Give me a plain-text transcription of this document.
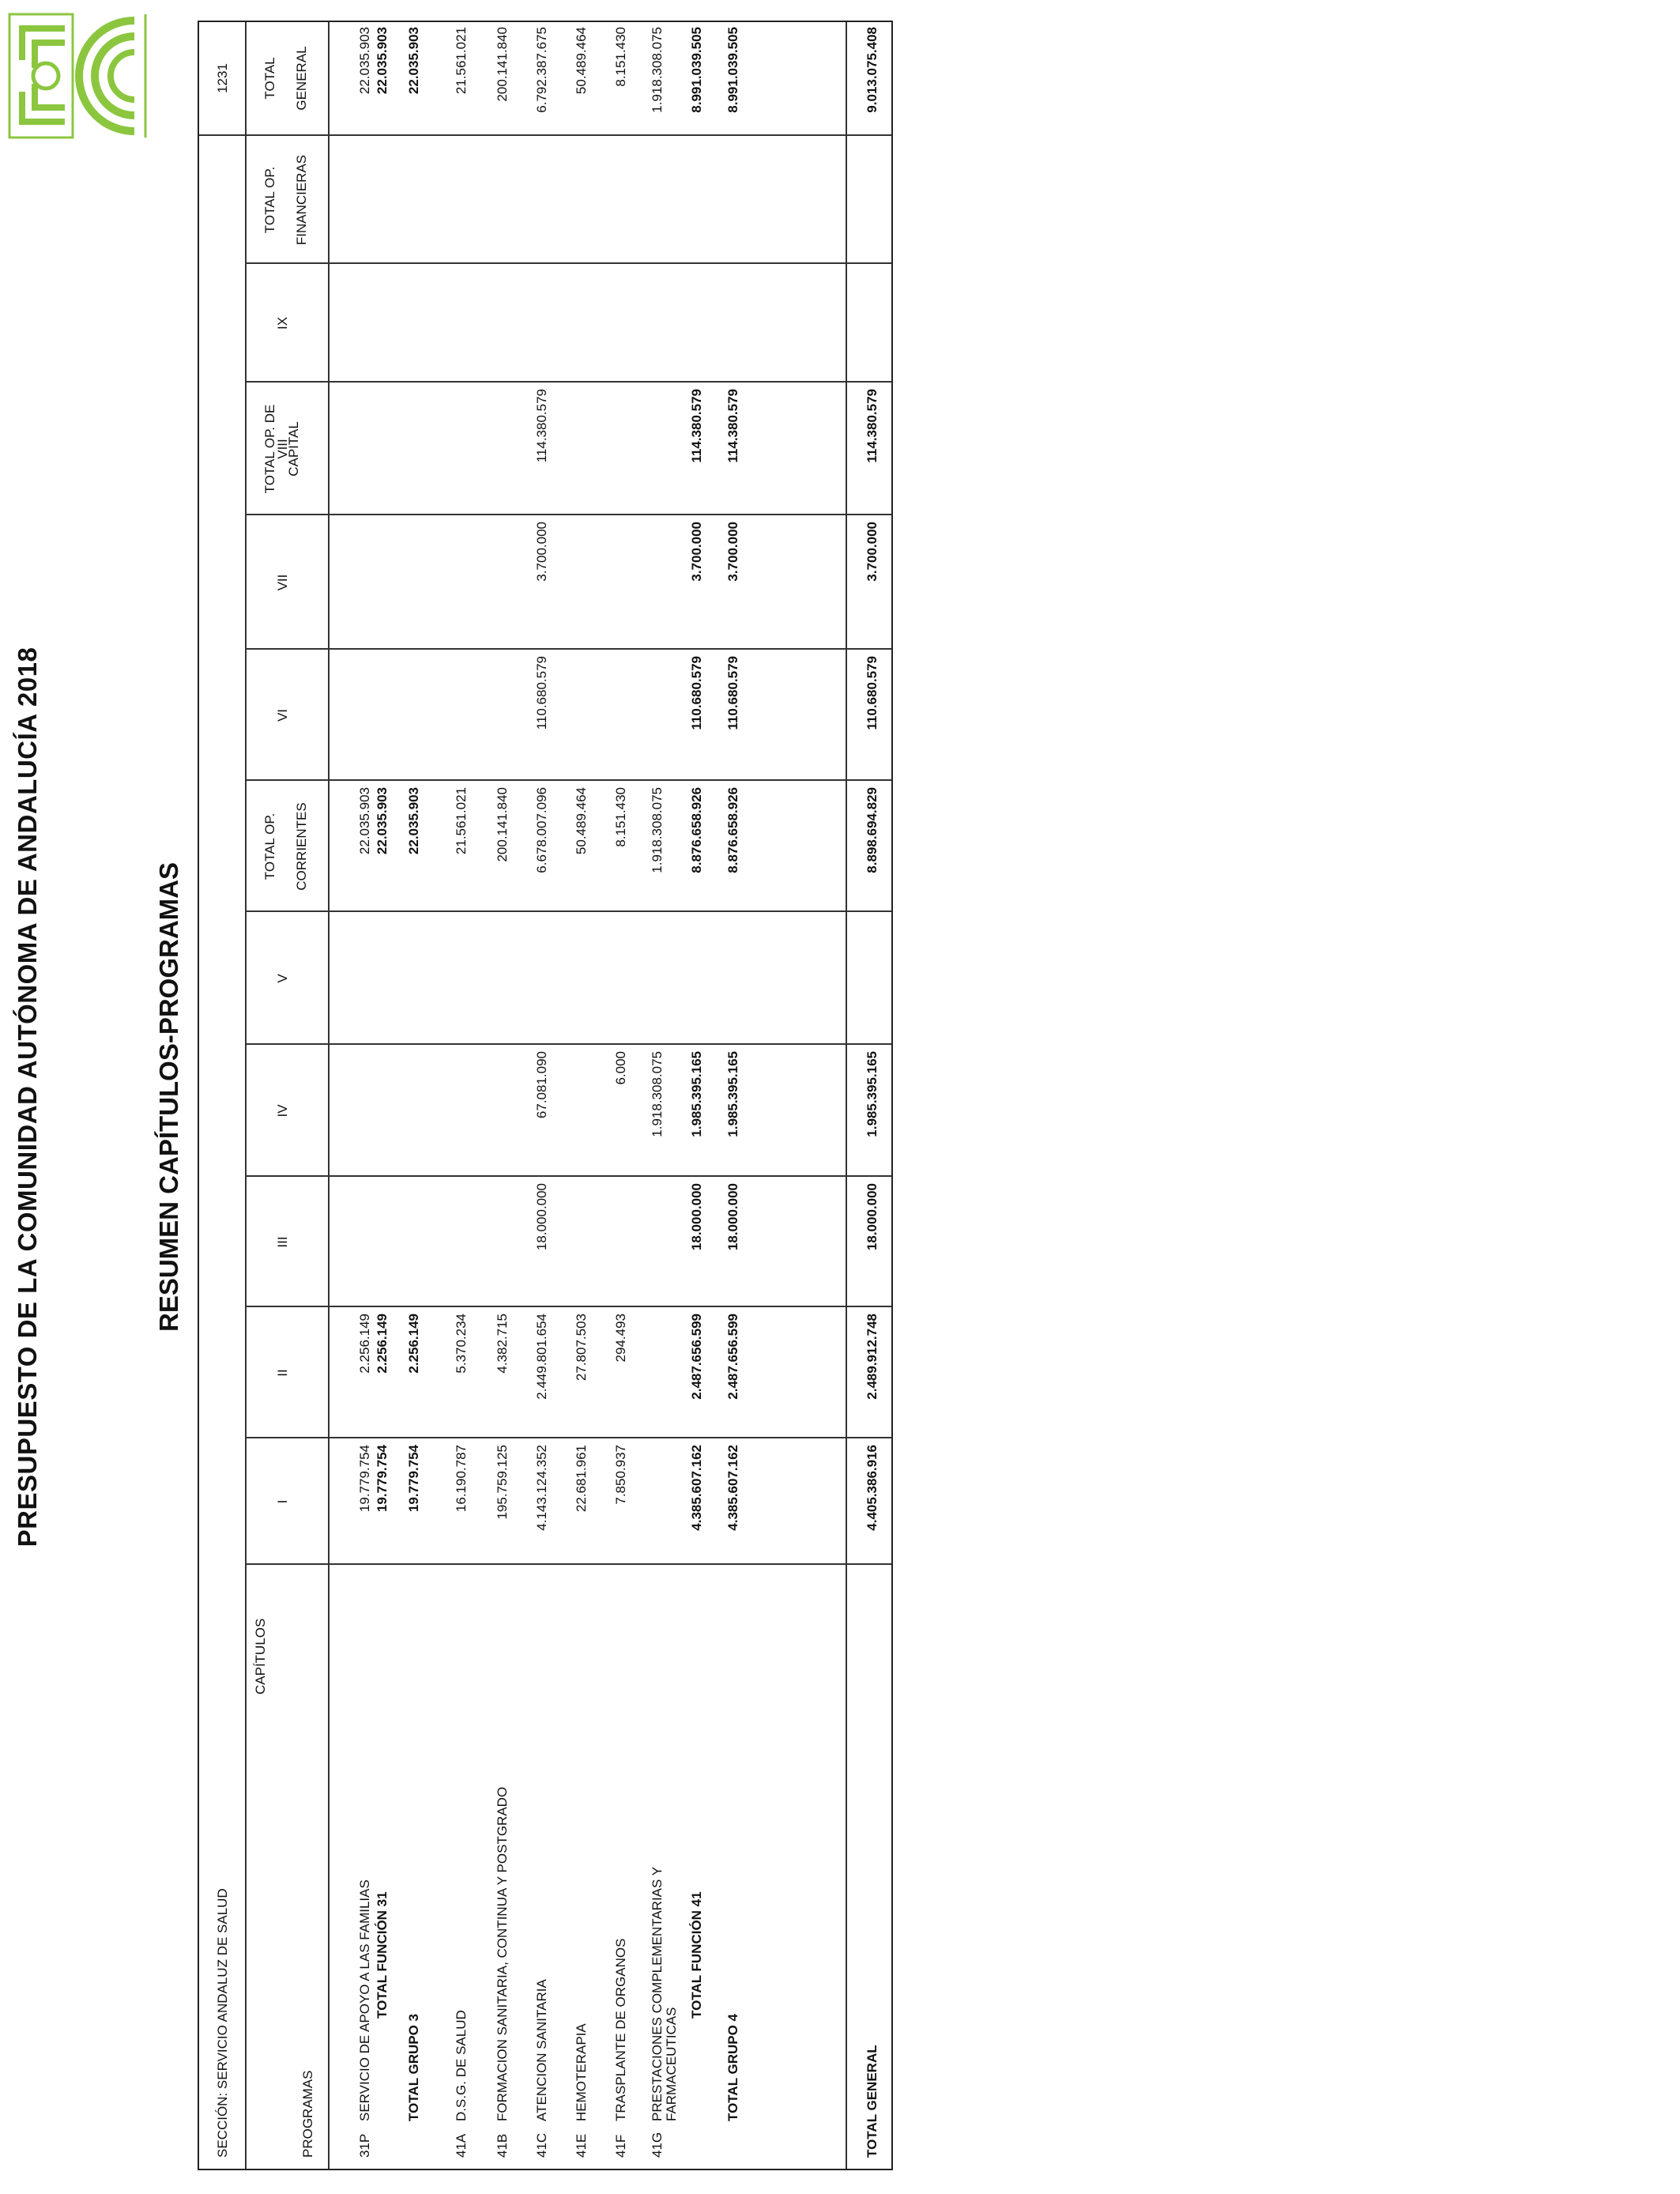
PRESUPUESTO DE LA COMUNIDAD AUTÓNOMA DE ANDALUCÍA 2018	RESUMEN CAPÍTULOS-PROGRAMAS
SECCIÓN: SERVICIO ANDALUZ DE SALUD
1231
PROGRAMAS
CAPÍTULOS
I
II
III
IV
V
TOTAL OP. CORRIENTES
VI
VII
TOTAL OP. DE CAPITAL
VIII
IX
TOTAL OP. FINANCIERAS
TOTAL GENERAL
31P
SERVICIO DE APOYO A LAS FAMILIAS
19.779.754
2.256.149
22.035.903
22.035.903
TOTAL FUNCIÓN 31
19.779.754
2.256.149
22.035.903
22.035.903
TOTAL GRUPO 3
19.779.754
2.256.149
22.035.903
22.035.903
41A
D.S.G. DE SALUD
16.190.787
5.370.234
21.561.021
21.561.021
41B
FORMACION SANITARIA, CONTINUA Y POSTGRADO
195.759.125
4.382.715
200.141.840
200.141.840
41C
ATENCION SANITARIA
4.143.124.352
2.449.801.654
18.000.000
67.081.090
6.678.007.096
110.680.579
3.700.000
114.380.579
6.792.387.675
41E
HEMOTERAPIA
22.681.961
27.807.503
50.489.464
50.489.464
41F
TRASPLANTE DE ORGANOS
7.850.937
294.493
6.000
8.151.430
8.151.430
41G
PRESTACIONES COMPLEMENTARIAS Y FARMACEUTICAS
1.918.308.075
1.918.308.075
1.918.308.075
TOTAL FUNCIÓN 41
4.385.607.162
2.487.656.599
18.000.000
1.985.395.165
8.876.658.926
110.680.579
3.700.000
114.380.579
8.991.039.505
TOTAL GRUPO 4
4.385.607.162
2.487.656.599
18.000.000
1.985.395.165
8.876.658.926
110.680.579
3.700.000
114.380.579
8.991.039.505
TOTAL GENERAL
4.405.386.916
2.489.912.748
18.000.000
1.985.395.165
8.898.694.829
110.680.579
3.700.000
114.380.579
9.013.075.408
